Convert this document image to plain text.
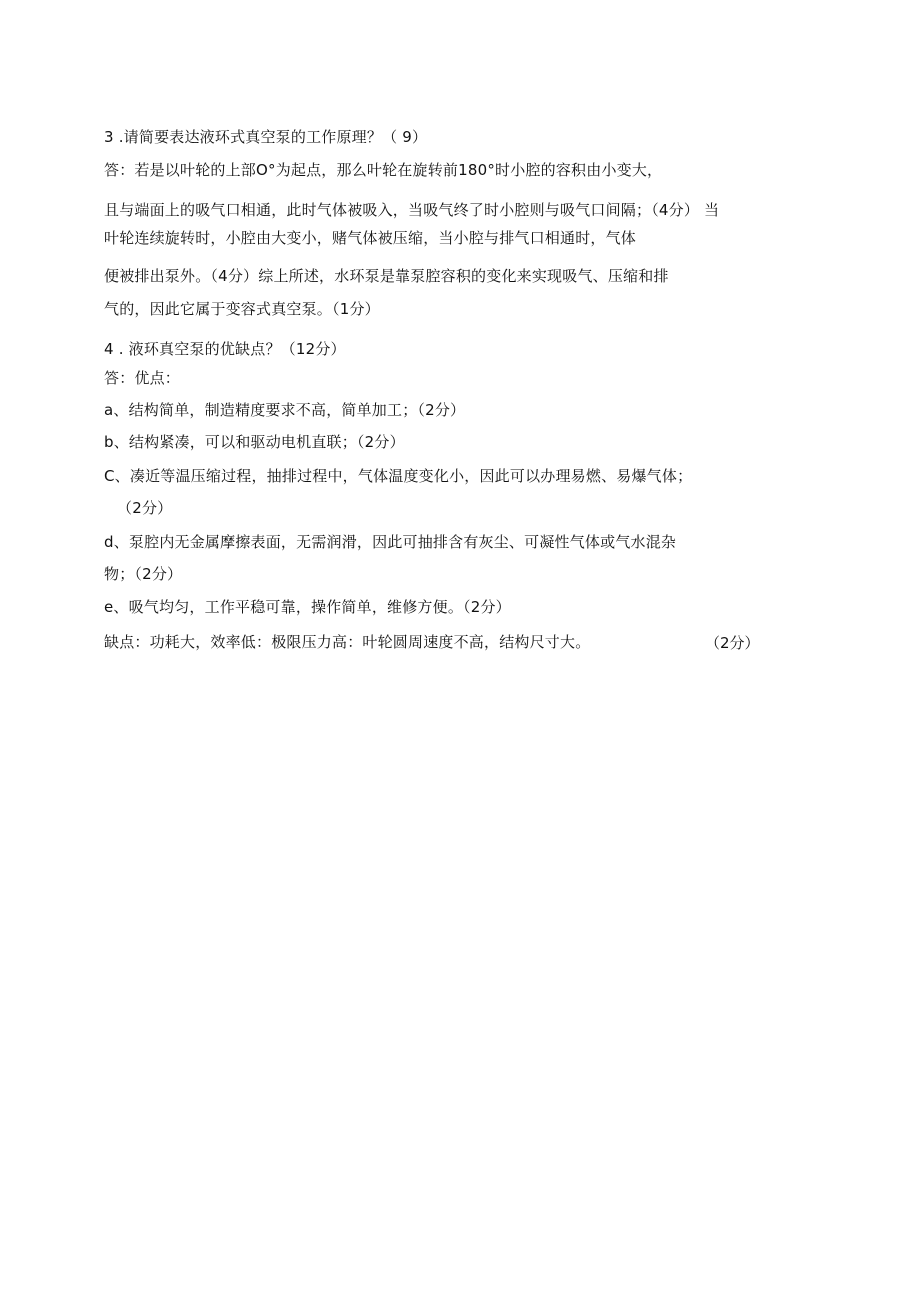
3 .请简要表达液环式真空泵的工作原理？（ 9）
答：若是以叶轮的上部O°为起点，那么叶轮在旋转前180°时小腔的容积由小变大，
且与端面上的吸气口相通，此时气体被吸入，当吸气终了时小腔则与吸气口间隔；（4分） 当
叶轮连续旋转时，小腔由大变小，赌气体被压缩，当小腔与排气口相通时，气体
便被排出泵外。（4分）综上所述，水环泵是靠泵腔容积的变化来实现吸气、压缩和排
气的，因此它属于变容式真空泵。（1分）
4 . 液环真空泵的优缺点？（12分）
答：优点：
a、结构简单，制造精度要求不高，简单加工；（2分）
b、结构紧凑，可以和驱动电机直联；（2分）
C、凑近等温压缩过程，抽排过程中，气体温度变化小，因此可以办理易燃、易爆气体；
（2分）
d、泵腔内无金属摩擦表面，无需润滑，因此可抽排含有灰尘、可凝性气体或气水混杂
物；（2分）
e、吸气均匀，工作平稳可靠，操作简单，维修方便。（2分）
缺点：功耗大，效率低：极限压力高：叶轮圆周速度不高，结构尺寸大。	（2分）
